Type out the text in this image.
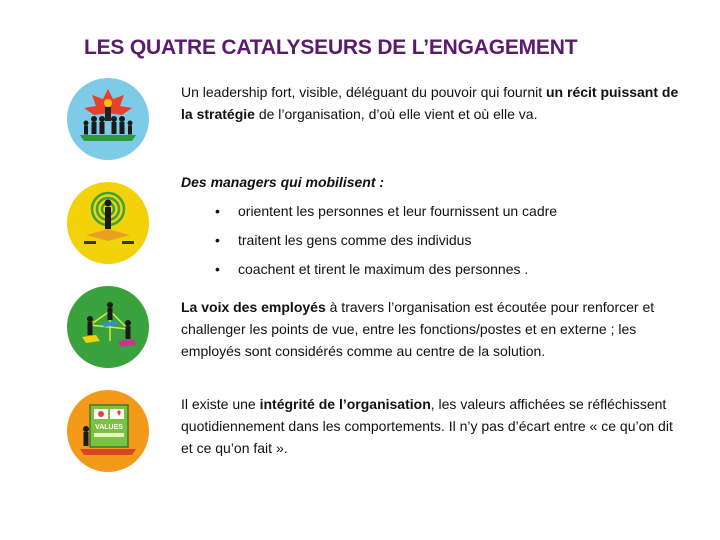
LES QUATRE CATALYSEURS DE L’ENGAGEMENT
VALUES
Un leadership fort, visible, déléguant du pouvoir qui fournit un récit puissant de la stratégie de l’organisation, d’où elle vient et où elle va.
Des managers qui mobilisent :
• orientent les personnes et leur fournissent un cadre
• traitent les gens comme des individus
• coachent et tirent le maximum des personnes .
La voix des employés à travers l’organisation est écoutée pour renforcer et challenger les points de vue, entre les fonctions/postes et en externe ; les employés sont considérés comme au centre de la solution.
Il existe une intégrité de l’organisation, les valeurs affichées se réfléchissent quotidiennement dans les comportements. Il n’y pas d’écart entre « ce qu’on dit et ce qu’on fait ».
